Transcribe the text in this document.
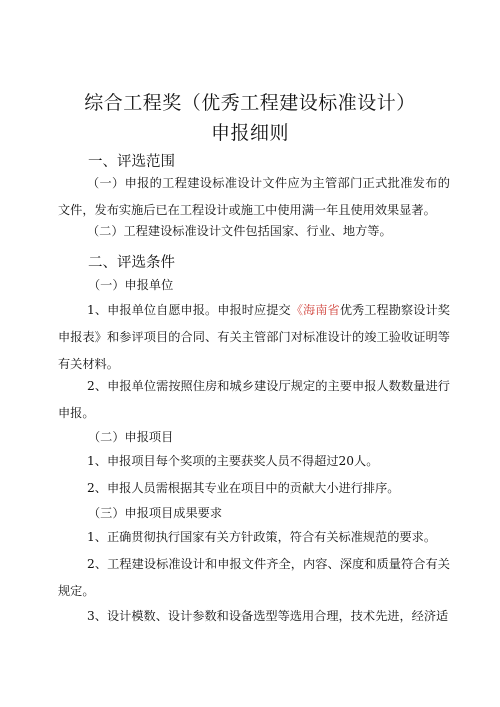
综合工程奖（优秀工程建设标准设计）
申报细则
一、评选范围
（一）申报的工程建设标准设计文件应为主管部门正式批准发布的文件，发布实施后已在工程设计或施工中使用满一年且使用效果显著。
（二）工程建设标准设计文件包括国家、行业、地方等。
二、评选条件
（一）申报单位
1、申报单位自愿申报。申报时应提交《海南省优秀工程勘察设计奖申报表》和参评项目的合同、有关主管部门对标准设计的竣工验收证明等有关材料。
2、申报单位需按照住房和城乡建设厅规定的主要申报人数数量进行申报。
（二）申报项目
1、申报项目每个奖项的主要获奖人员不得超过20人。
2、申报人员需根据其专业在项目中的贡献大小进行排序。
（三）申报项目成果要求
1、正确贯彻执行国家有关方针政策，符合有关标准规范的要求。
2、工程建设标准设计和申报文件齐全，内容、深度和质量符合有关规定。
3、设计模数、设计参数和设备选型等选用合理，技术先进，经济适
